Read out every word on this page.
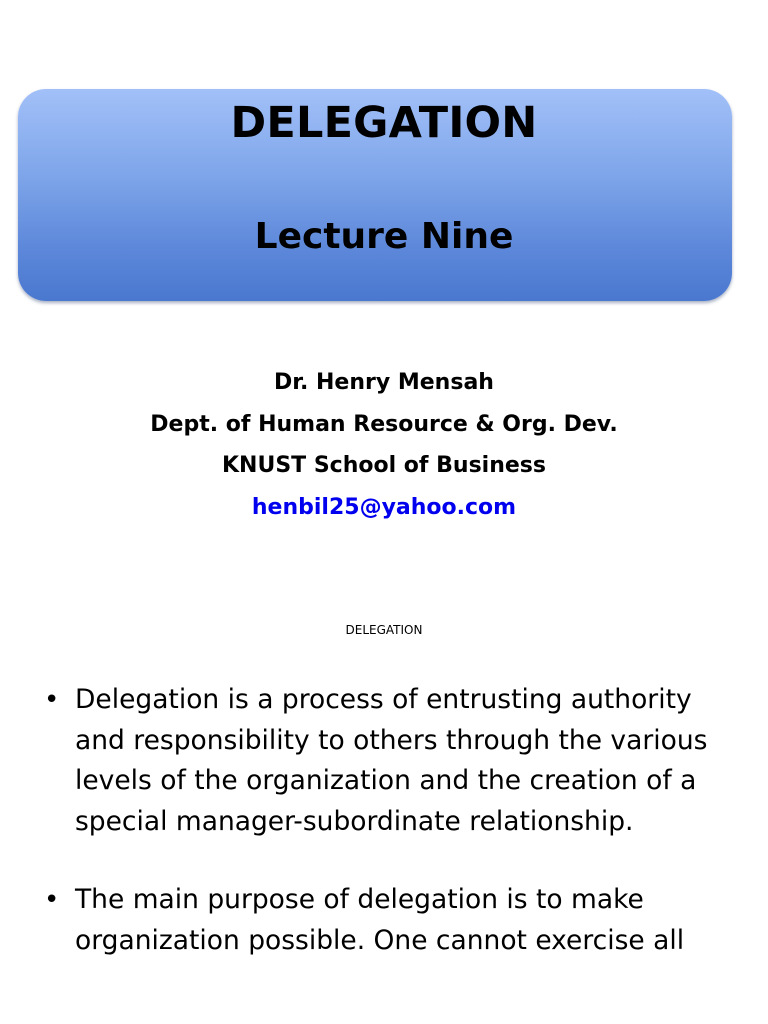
DELEGATION
Lecture Nine
Dr. Henry Mensah
Dept. of Human Resource & Org. Dev.
KNUST School of Business
henbil25@yahoo.com
DELEGATION

• Delegation is a process of entrusting authority and responsibility to others through the various levels of the organization and the creation of a special manager-subordinate relationship.

• The main purpose of delegation is to make organization possible. One cannot exercise all
